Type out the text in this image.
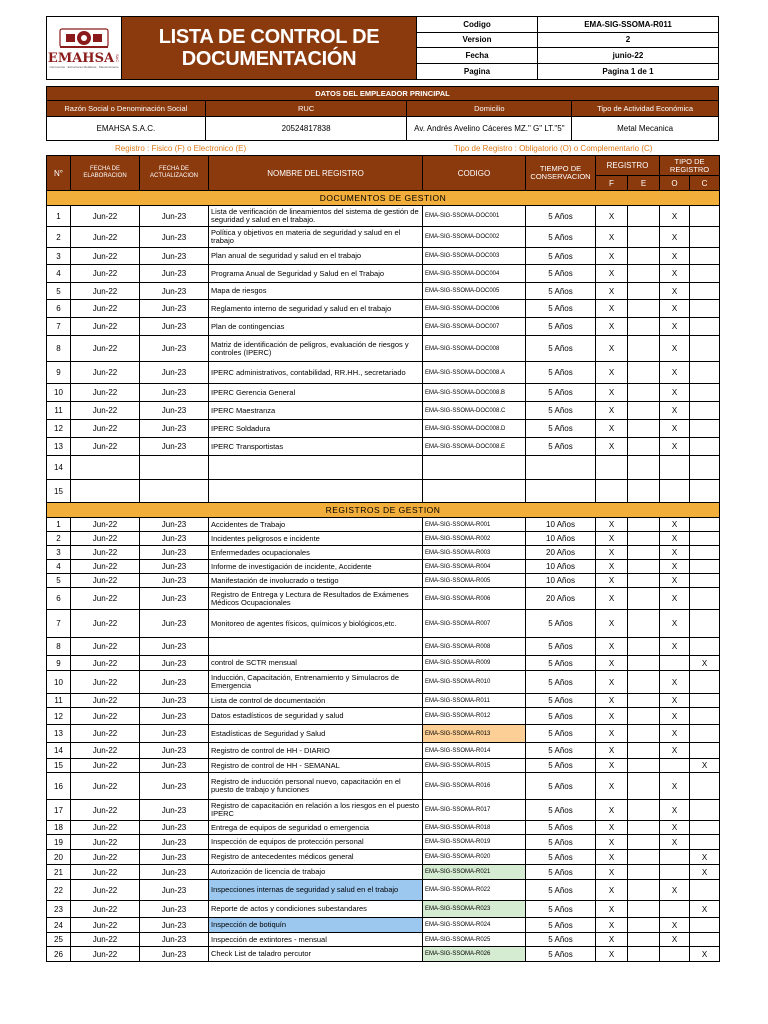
EMAHSA SAC
Carrocerías · Estructuras Metálicas · Mantenimiento
LISTA DE CONTROL DE
DOCUMENTACIÓN
Codigo	EMA-SIG-SSOMA-R011
Version	2
Fecha	junio-22
Pagina	Pagina 1 de 1
DATOS DEL EMPLEADOR PRINCIPAL			
Razón Social o Denominación Social	RUC	Domicilio	Tipo de Actividad Económica
EMAHSA S.A.C.	20524817838	Av. Andrés Avelino Cáceres MZ." G" LT."5"	Metal Mecanica
Registro : Fisico (F) o Electronico (E)	Tipo de Registro : Obligatorio (O) o Complementario (C)
N°	FECHA DE ELABORACION	FECHA DE ACTUALIZACION	NOMBRE DEL REGISTRO	CODIGO	TIEMPO DE CONSERVACION	REGISTRO		TIPO DE REGISTRO	
						F	E	O	C
DOCUMENTOS DE GESTION									
1	Jun-22	Jun-23	Lista de verificación de lineamientos del sistema de gestión de seguridad y salud en el trabajo.	EMA-SIG-SSOMA-DOC001	5 Años	X		X	
2	Jun-22	Jun-23	Política y objetivos en materia de seguridad y salud en el trabajo	EMA-SIG-SSOMA-DOC002	5 Años	X		X	
3	Jun-22	Jun-23	Plan anual de seguridad y salud en el trabajo	EMA-SIG-SSOMA-DOC003	5 Años	X		X	
4	Jun-22	Jun-23	Programa Anual de Seguridad y Salud en el Trabajo	EMA-SIG-SSOMA-DOC004	5 Años	X		X	
5	Jun-22	Jun-23	Mapa de riesgos	EMA-SIG-SSOMA-DOC005	5 Años	X		X	
6	Jun-22	Jun-23	Reglamento interno de seguridad y salud en el trabajo	EMA-SIG-SSOMA-DOC006	5 Años	X		X	
7	Jun-22	Jun-23	Plan de contingencias	EMA-SIG-SSOMA-DOC007	5 Años	X		X	
8	Jun-22	Jun-23	Matriz de identificación de peligros, evaluación de riesgos y controles (IPERC)	EMA-SIG-SSOMA-DOC008	5 Años	X		X	
9	Jun-22	Jun-23	IPERC administrativos, contabilidad, RR.HH., secretariado	EMA-SIG-SSOMA-DOC008.A	5 Años	X		X	
10	Jun-22	Jun-23	IPERC Gerencia General	EMA-SIG-SSOMA-DOC008.B	5 Años	X		X	
11	Jun-22	Jun-23	IPERC Maestranza	EMA-SIG-SSOMA-DOC008.C	5 Años	X		X	
12	Jun-22	Jun-23	IPERC Soldadura	EMA-SIG-SSOMA-DOC008.D	5 Años	X		X	
13	Jun-22	Jun-23	IPERC Transportistas	EMA-SIG-SSOMA-DOC008.E	5 Años	X		X	
14									
15									
REGISTROS DE GESTION									
1	Jun-22	Jun-23	Accidentes de Trabajo	EMA-SIG-SSOMA-R001	10 Años	X		X	
2	Jun-22	Jun-23	Incidentes peligrosos e incidente	EMA-SIG-SSOMA-R002	10 Años	X		X	
3	Jun-22	Jun-23	Enfermedades ocupacionales	EMA-SIG-SSOMA-R003	20 Años	X		X	
4	Jun-22	Jun-23	Informe de investigación de incidente, Accidente	EMA-SIG-SSOMA-R004	10 Años	X		X	
5	Jun-22	Jun-23	Manifestación de involucrado o testigo	EMA-SIG-SSOMA-R005	10 Años	X		X	
6	Jun-22	Jun-23	Registro de Entrega y Lectura de Resultados de Exámenes Médicos Ocupacionales	EMA-SIG-SSOMA-R006	20 Años	X		X	
7	Jun-22	Jun-23	Monitoreo de agentes físicos, químicos y biológicos,etc.	EMA-SIG-SSOMA-R007	5 Años	X		X	
8	Jun-22	Jun-23		EMA-SIG-SSOMA-R008	5 Años	X		X	
9	Jun-22	Jun-23	control de SCTR mensual	EMA-SIG-SSOMA-R009	5 Años	X			X
10	Jun-22	Jun-23	Inducción, Capacitación, Entrenamiento y Simulacros de Emergencia	EMA-SIG-SSOMA-R010	5 Años	X		X	
11	Jun-22	Jun-23	Lista de control de documentación	EMA-SIG-SSOMA-R011	5 Años	X		X	
12	Jun-22	Jun-23	Datos estadísticos de seguridad y salud	EMA-SIG-SSOMA-R012	5 Años	X		X	
13	Jun-22	Jun-23	Estadísticas de Seguridad y Salud	EMA-SIG-SSOMA-R013	5 Años	X		X	
14	Jun-22	Jun-23	Registro de control de HH - DIARIO	EMA-SIG-SSOMA-R014	5 Años	X		X	
15	Jun-22	Jun-23	Registro de control de HH - SEMANAL	EMA-SIG-SSOMA-R015	5 Años	X			X
16	Jun-22	Jun-23	Registro de inducción personal nuevo, capacitación en el puesto de trabajo y funciones	EMA-SIG-SSOMA-R016	5 Años	X		X	
17	Jun-22	Jun-23	Registro de capacitación en relación a los riesgos en el puesto IPERC	EMA-SIG-SSOMA-R017	5 Años	X		X	
18	Jun-22	Jun-23	Entrega de equipos de seguridad o emergencia	EMA-SIG-SSOMA-R018	5 Años	X		X	
19	Jun-22	Jun-23	Inspección de equipos de protección personal	EMA-SIG-SSOMA-R019	5 Años	X		X	
20	Jun-22	Jun-23	Registro de antecedentes médicos general	EMA-SIG-SSOMA-R020	5 Años	X			X
21	Jun-22	Jun-23	Autorización de licencia de trabajo	EMA-SIG-SSOMA-R021	5 Años	X			X
22	Jun-22	Jun-23	Inspecciones internas de seguridad y salud en el trabajo	EMA-SIG-SSOMA-R022	5 Años	X		X	
23	Jun-22	Jun-23	Reporte de actos y condiciones subestandares	EMA-SIG-SSOMA-R023	5 Años	X			X
24	Jun-22	Jun-23	Inspección de botiquín	EMA-SIG-SSOMA-R024	5 Años	X		X	
25	Jun-22	Jun-23	Inspección de extintores - mensual	EMA-SIG-SSOMA-R025	5 Años	X		X	
26	Jun-22	Jun-23	Check List de taladro percutor	EMA-SIG-SSOMA-R026	5 Años	X			X
